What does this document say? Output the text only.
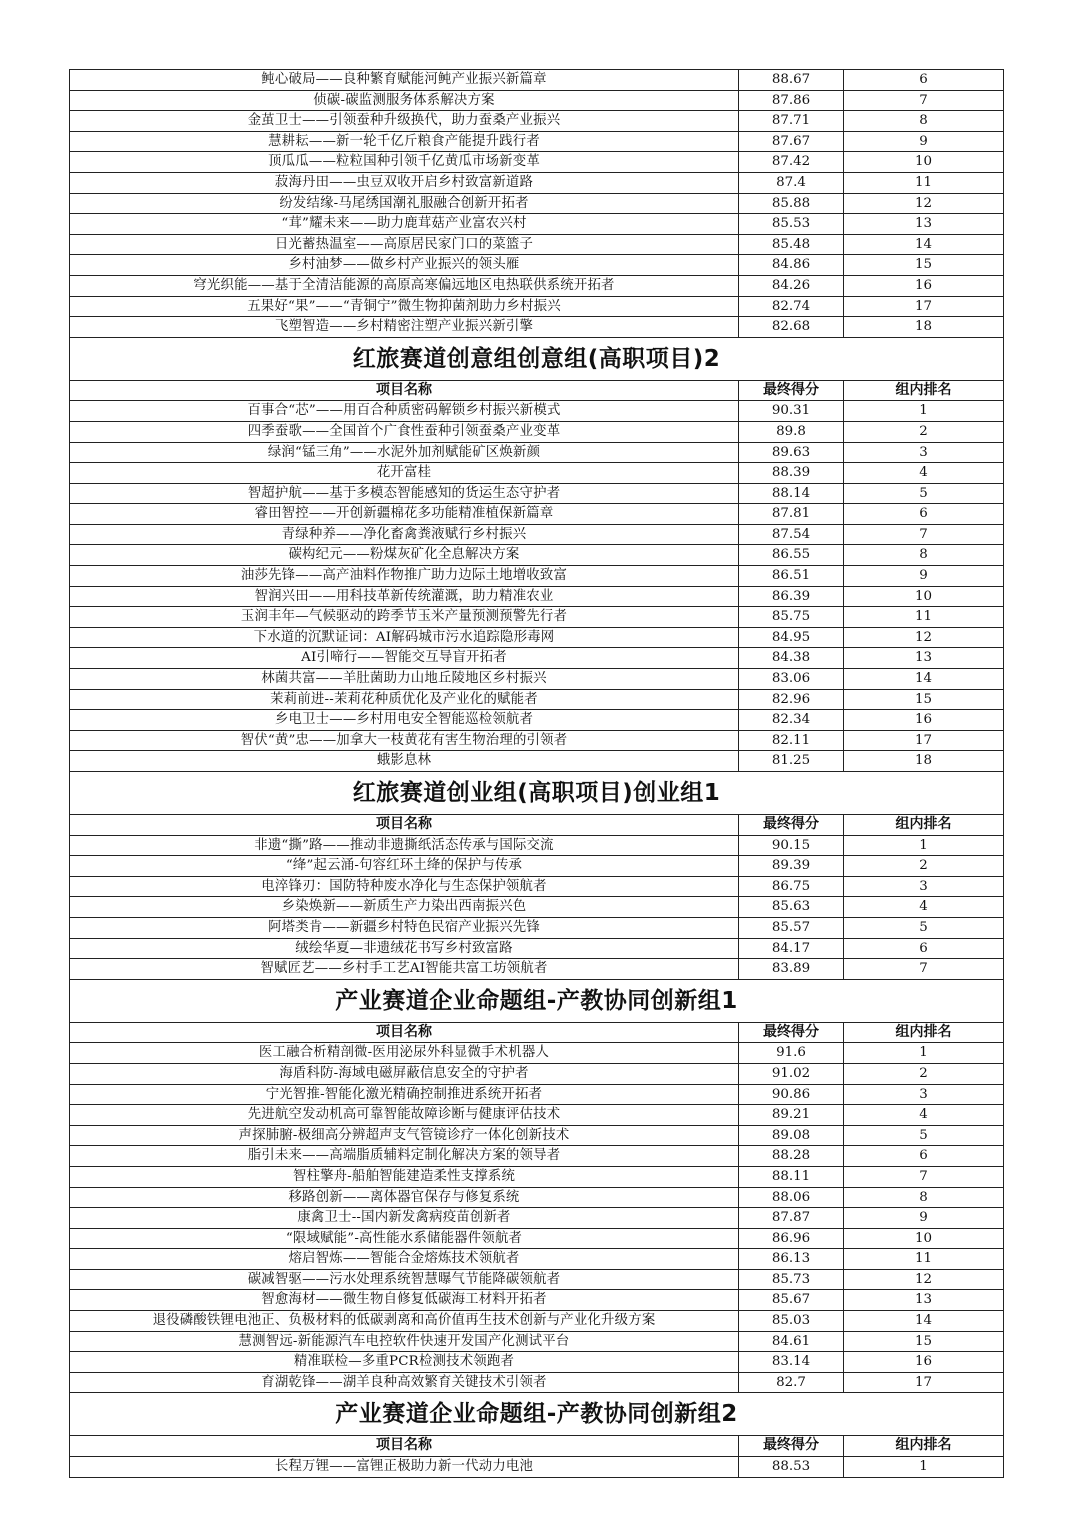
鲀心破局——良种繁育赋能河鲀产业振兴新篇章	88.67	6
侦碳-碳监测服务体系解决方案	87.86	7
金茧卫士——引领蚕种升级换代，助力蚕桑产业振兴	87.71	8
慧耕耘——新一轮千亿斤粮食产能提升践行者	87.67	9
顶瓜瓜——粒粒国种引领千亿黄瓜市场新变革	87.42	10
菽海丹田——虫豆双收开启乡村致富新道路	87.4	11
纷发结缘-马尾绣国潮礼服融合创新开拓者	85.88	12
“茸”耀未来——助力鹿茸菇产业富农兴村	85.53	13
日光蓄热温室——高原居民家门口的菜篮子	85.48	14
乡村油梦——做乡村产业振兴的领头雁	84.86	15
穹光织能——基于全清洁能源的高原高寒偏远地区电热联供系统开拓者	84.26	16
五果好“果”——“青铜宁”微生物抑菌剂助力乡村振兴	82.74	17
飞塑智造——乡村精密注塑产业振兴新引擎	82.68	18
红旅赛道创意组创意组(高职项目)2		
项目名称	最终得分	组内排名
百事合“芯”——用百合种质密码解锁乡村振兴新模式	90.31	1
四季蚕歌——全国首个广食性蚕种引领蚕桑产业变革	89.8	2
绿润“锰三角”——水泥外加剂赋能矿区焕新颜	89.63	3
花开富桂	88.39	4
智超护航——基于多模态智能感知的货运生态守护者	88.14	5
睿田智控——开创新疆棉花多功能精准植保新篇章	87.81	6
青绿种养——净化畜禽粪液赋行乡村振兴	87.54	7
碳构纪元——粉煤灰矿化全息解决方案	86.55	8
油莎先锋——高产油料作物推广助力边际土地增收致富	86.51	9
智润兴田——用科技革新传统灌溉，助力精准农业	86.39	10
玉润丰年—气候驱动的跨季节玉米产量预测预警先行者	85.75	11
下水道的沉默证词：AI解码城市污水追踪隐形毒网	84.95	12
AI引啼行——智能交互导盲开拓者	84.38	13
林菌共富——羊肚菌助力山地丘陵地区乡村振兴	83.06	14
茉莉前进--茉莉花种质优化及产业化的赋能者	82.96	15
乡电卫士——乡村用电安全智能巡检领航者	82.34	16
智伏“黄”忠——加拿大一枝黄花有害生物治理的引领者	82.11	17
蛾影息林	81.25	18
红旅赛道创业组(高职项目)创业组1		
项目名称	最终得分	组内排名
非遗“撕”路——推动非遗撕纸活态传承与国际交流	90.15	1
“绛”起云涌-句容红环土绛的保护与传承	89.39	2
电淬锋刃：国防特种废水净化与生态保护领航者	86.75	3
乡染焕新——新质生产力染出西南振兴色	85.63	4
阿塔类肯——新疆乡村特色民宿产业振兴先锋	85.57	5
绒绘华夏—非遗绒花书写乡村致富路	84.17	6
智赋匠艺——乡村手工艺AI智能共富工坊领航者	83.89	7
产业赛道企业命题组-产教协同创新组1		
项目名称	最终得分	组内排名
医工融合析精剖微-医用泌尿外科显微手术机器人	91.6	1
海盾科防-海域电磁屏蔽信息安全的守护者	91.02	2
宁光智推-智能化激光精确控制推进系统开拓者	90.86	3
先进航空发动机高可靠智能故障诊断与健康评估技术	89.21	4
声探肺腑-极细高分辨超声支气管镜诊疗一体化创新技术	89.08	5
脂引未来——高端脂质辅料定制化解决方案的领导者	88.28	6
智柱擎舟-船舶智能建造柔性支撑系统	88.11	7
移路创新——离体器官保存与修复系统	88.06	8
康禽卫士--国内新发禽病疫苗创新者	87.87	9
“限域赋能”-高性能水系储能器件领航者	86.96	10
熔启智炼——智能合金熔炼技术领航者	86.13	11
碳减智驱——污水处理系统智慧曝气节能降碳领航者	85.73	12
智愈海材——微生物自修复低碳海工材料开拓者	85.67	13
退役磷酸铁锂电池正、负极材料的低碳剥离和高价值再生技术创新与产业化升级方案	85.03	14
慧测智远-新能源汽车电控软件快速开发国产化测试平台	84.61	15
精准联检—多重PCR检测技术领跑者	83.14	16
育湖乾锋——湖羊良种高效繁育关键技术引领者	82.7	17
产业赛道企业命题组-产教协同创新组2		
项目名称	最终得分	组内排名
长程万锂——富锂正极助力新一代动力电池	88.53	1
